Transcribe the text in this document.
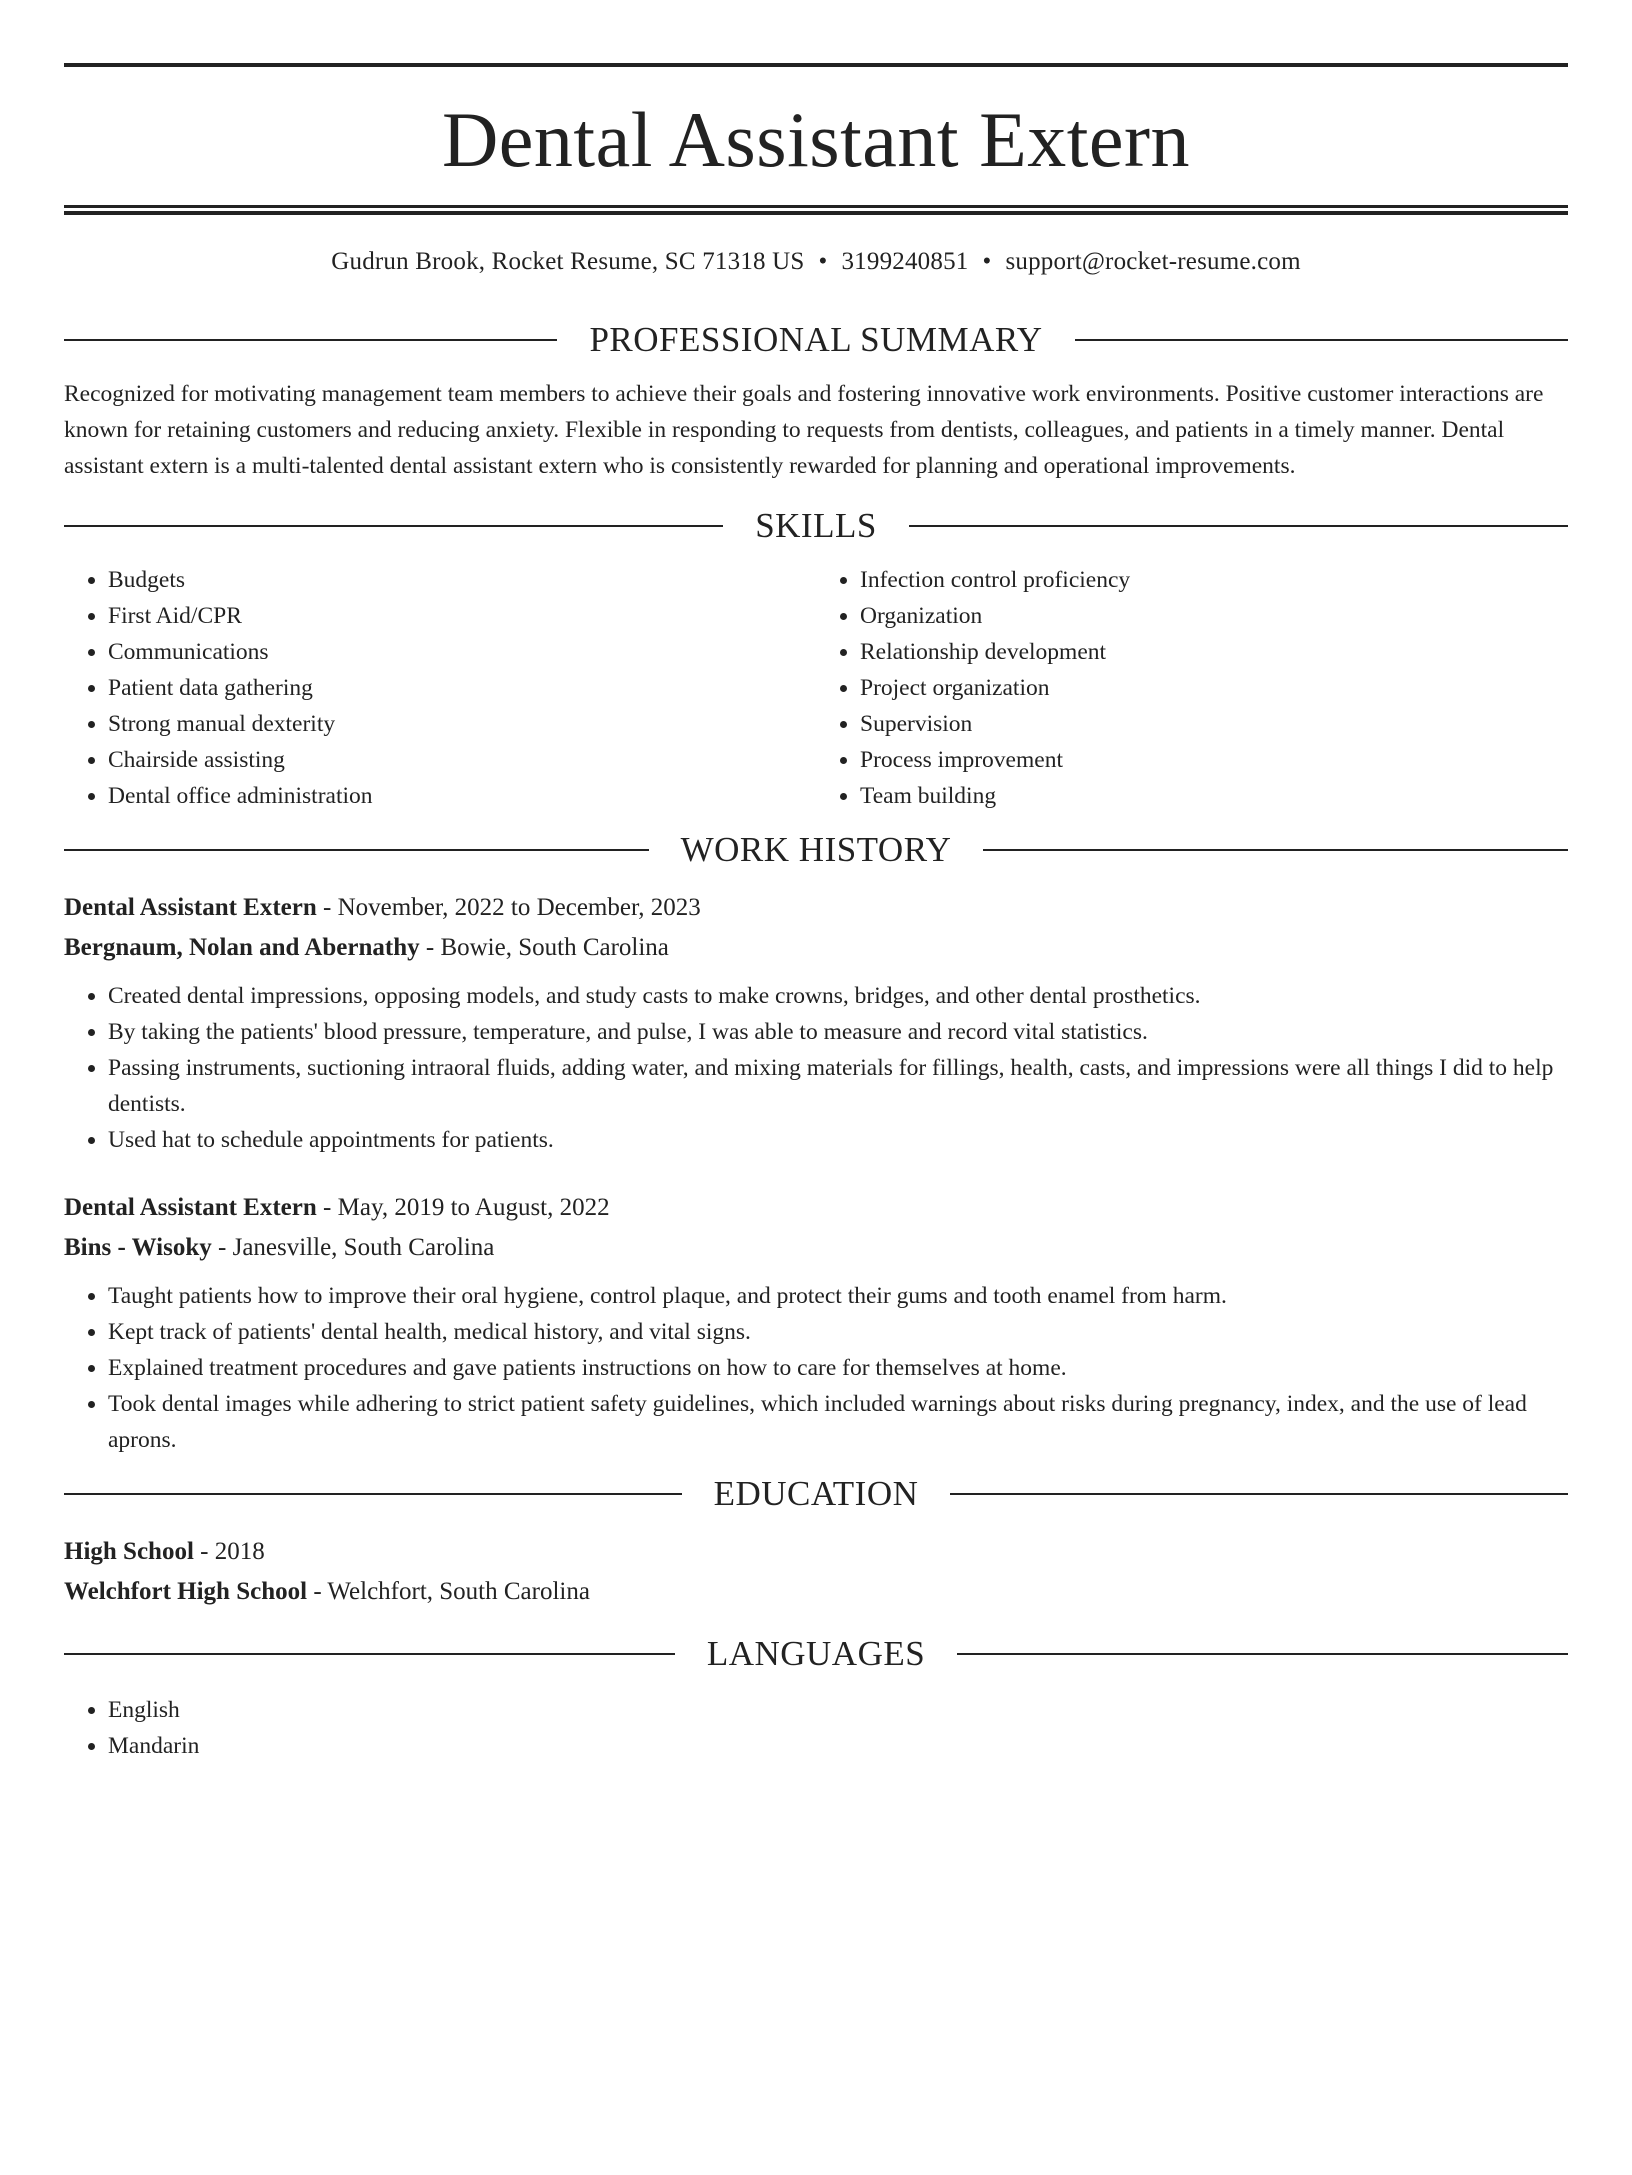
Dental Assistant Extern
Gudrun Brook, Rocket Resume, SC 71318 US • 3199240851 • support@rocket-resume.com
PROFESSIONAL SUMMARY
Recognized for motivating management team members to achieve their goals and fostering innovative work environments. Positive customer interactions are known for retaining customers and reducing anxiety. Flexible in responding to requests from dentists, colleagues, and patients in a timely manner. Dental assistant extern is a multi-talented dental assistant extern who is consistently rewarded for planning and operational improvements.
SKILLS
• Budgets
• First Aid/CPR
• Communications
• Patient data gathering
• Strong manual dexterity
• Chairside assisting
• Dental office administration
• Infection control proficiency
• Organization
• Relationship development
• Project organization
• Supervision
• Process improvement
• Team building
WORK HISTORY
Dental Assistant Extern - November, 2022 to December, 2023
Bergnaum, Nolan and Abernathy - Bowie, South Carolina
• Created dental impressions, opposing models, and study casts to make crowns, bridges, and other dental prosthetics.
• By taking the patients' blood pressure, temperature, and pulse, I was able to measure and record vital statistics.
• Passing instruments, suctioning intraoral fluids, adding water, and mixing materials for fillings, health, casts, and impressions were all things I did to help dentists.
• Used hat to schedule appointments for patients.
Dental Assistant Extern - May, 2019 to August, 2022
Bins - Wisoky - Janesville, South Carolina
• Taught patients how to improve their oral hygiene, control plaque, and protect their gums and tooth enamel from harm.
• Kept track of patients' dental health, medical history, and vital signs.
• Explained treatment procedures and gave patients instructions on how to care for themselves at home.
• Took dental images while adhering to strict patient safety guidelines, which included warnings about risks during pregnancy, index, and the use of lead aprons.
EDUCATION
High School - 2018
Welchfort High School - Welchfort, South Carolina
LANGUAGES
• English
• Mandarin
